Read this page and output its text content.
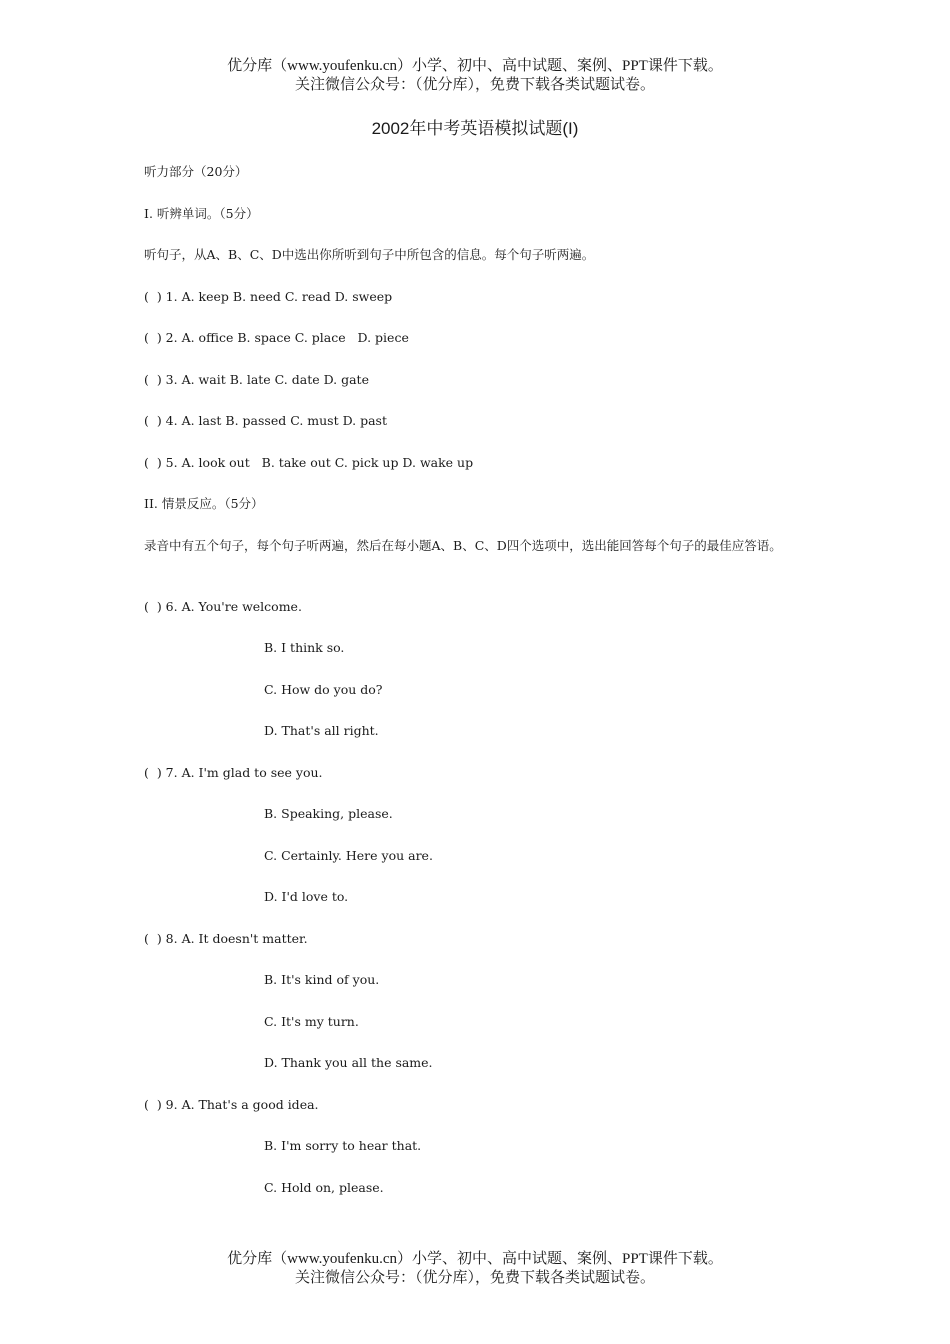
优分库（www.youfenku.cn）小学、初中、高中试题、案例、PPT课件下载。
关注微信公众号：（优分库），免费下载各类试题试卷。
2002年中考英语模拟试题(I)
听力部分（20分）
I. 听辨单词。（5分）
听句子，从A、B、C、D中选出你所听到句子中所包含的信息。每个句子听两遍。
(  ) 1. A. keep B. need C. read D. sweep
(  ) 2. A. office B. space C. place   D. piece
(  ) 3. A. wait B. late C. date D. gate
(  ) 4. A. last B. passed C. must D. past
(  ) 5. A. look out   B. take out C. pick up D. wake up
II. 情景反应。（5分）
录音中有五个句子，每个句子听两遍，然后在每小题A、B、C、D四个选项中，选出能回答每个句子的最佳应答语。
(  ) 6. A. You're welcome.
B. I think so.
C. How do you do?
D. That's all right.
(  ) 7. A. I'm glad to see you.
B. Speaking, please.
C. Certainly. Here you are.
D. I'd love to.
(  ) 8. A. It doesn't matter.
B. It's kind of you.
C. It's my turn.
D. Thank you all the same.
(  ) 9. A. That's a good idea.
B. I'm sorry to hear that.
C. Hold on, please.
优分库（www.youfenku.cn）小学、初中、高中试题、案例、PPT课件下载。
关注微信公众号：（优分库），免费下载各类试题试卷。
